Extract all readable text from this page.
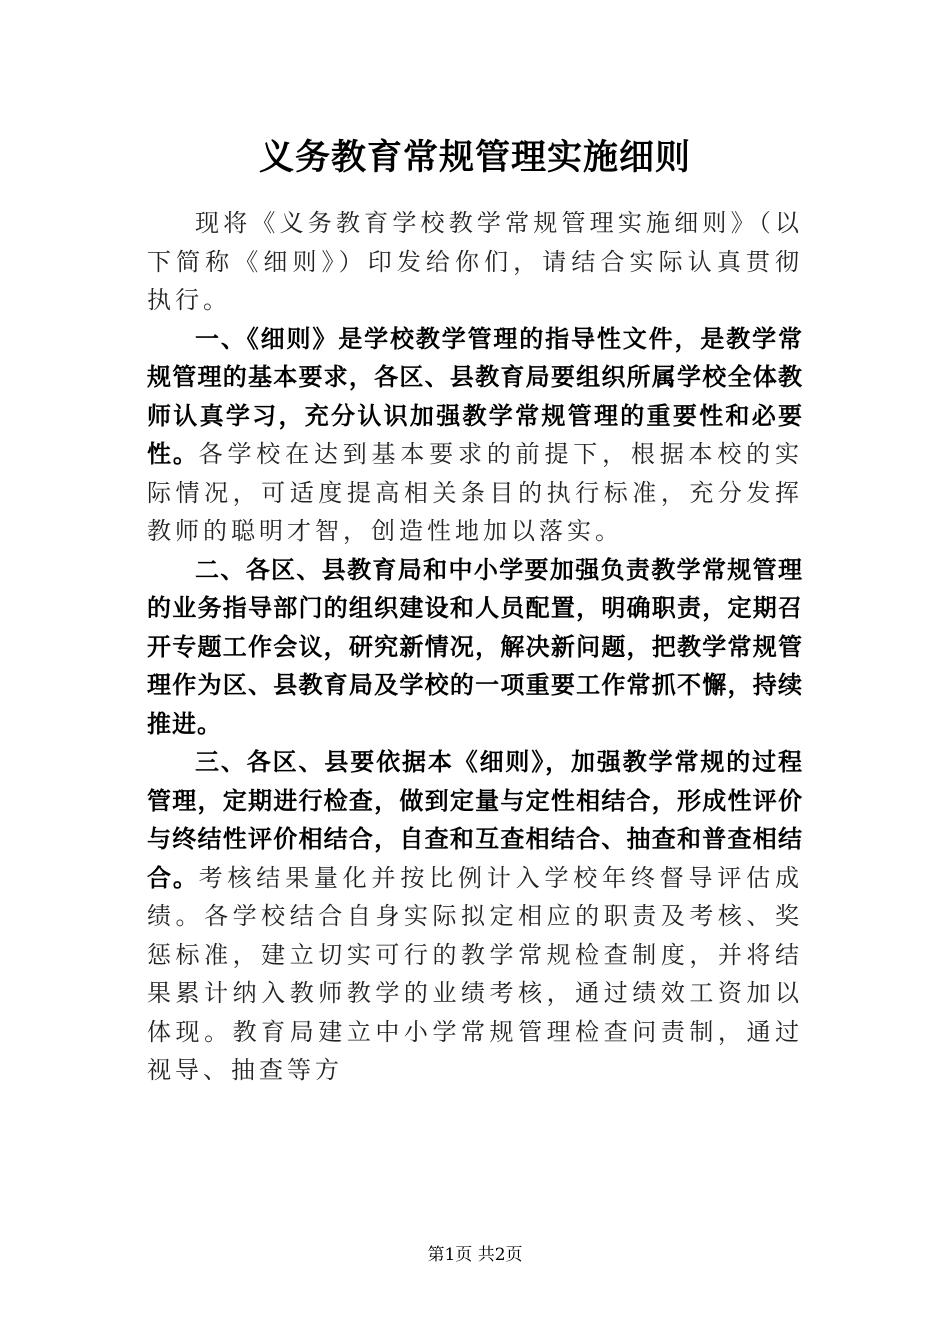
义务教育常规管理实施细则

现将《义务教育学校教学常规管理实施细则》（以下简称《细则》）印发给你们，请结合实际认真贯彻执行。

一、《细则》是学校教学管理的指导性文件，是教学常规管理的基本要求，各区、县教育局要组织所属学校全体教师认真学习，充分认识加强教学常规管理的重要性和必要性。各学校在达到基本要求的前提下，根据本校的实际情况，可适度提高相关条目的执行标准，充分发挥教师的聪明才智，创造性地加以落实。

二、各区、县教育局和中小学要加强负责教学常规管理的业务指导部门的组织建设和人员配置，明确职责，定期召开专题工作会议，研究新情况，解决新问题，把教学常规管理作为区、县教育局及学校的一项重要工作常抓不懈，持续推进。

三、各区、县要依据本《细则》，加强教学常规的过程管理，定期进行检查，做到定量与定性相结合，形成性评价与终结性评价相结合，自查和互查相结合、抽查和普查相结合。考核结果量化并按比例计入学校年终督导评估成绩。各学校结合自身实际拟定相应的职责及考核、奖惩标准，建立切实可行的教学常规检查制度，并将结果累计纳入教师教学的业绩考核，通过绩效工资加以体现。教育局建立中小学常规管理检查问责制，通过视导、抽查等方

第1页 共2页
